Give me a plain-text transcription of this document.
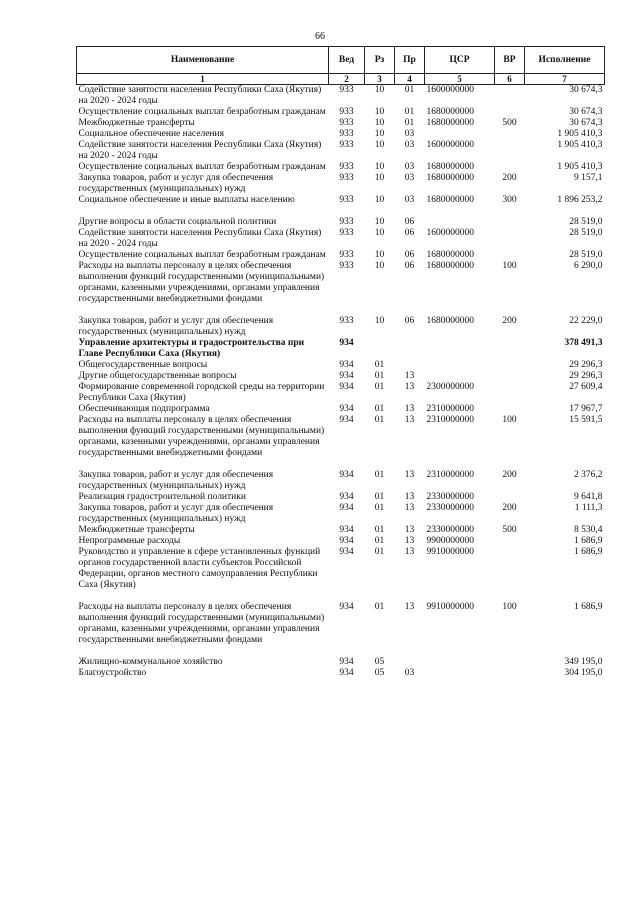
66
Наименование	Вед	Рз	Пр	ЦСР	ВР	Исполнение
1	2	3	4	5	6	7
Содействие занятости населения Республики Саха (Якутия) на 2020 - 2024 годы	933	10	01	1600000000		30 674,3
Осуществление социальных выплат безработным гражданам	933	10	01	1680000000		30 674,3
Межбюджетные трансферты	933	10	01	1680000000	500	30 674,3
Социальное обеспечение населения	933	10	03			1 905 410,3
Содействие занятости населения Республики Саха (Якутия) на 2020 - 2024 годы	933	10	03	1600000000		1 905 410,3
Осуществление социальных выплат безработным гражданам	933	10	03	1680000000		1 905 410,3
Закупка товаров, работ и услуг для обеспечения государственных (муниципальных) нужд	933	10	03	1680000000	200	9 157,1
Социальное обеспечение и иные выплаты населению	933	10	03	1680000000	300	1 896 253,2

Другие вопросы в области социальной политики	933	10	06			28 519,0
Содействие занятости населения Республики Саха (Якутия) на 2020 - 2024 годы	933	10	06	1600000000		28 519,0
Осуществление социальных выплат безработным гражданам	933	10	06	1680000000		28 519,0
Расходы на выплаты персоналу в целях обеспечения выполнения функций государственными (муниципальными) органами, казенными учреждениями, органами управления государственными внебюджетными фондами	933	10	06	1680000000	100	6 290,0

Закупка товаров, работ и услуг для обеспечения государственных (муниципальных) нужд	933	10	06	1680000000	200	22 229,0
Управление архитектуры и градостроительства при Главе Республики Саха (Якутия)	934					378 491,3
Общегосударственные вопросы	934	01				29 296,3
Другие общегосударственные вопросы	934	01	13			29 296,3
Формирование современной городской среды на территории Республики Саха (Якутия)	934	01	13	2300000000		27 609,4
Обеспечивающая подпрограмма	934	01	13	2310000000		17 967,7
Расходы на выплаты персоналу в целях обеспечения выполнения функций государственными (муниципальными) органами, казенными учреждениями, органами управления государственными внебюджетными фондами	934	01	13	2310000000	100	15 591,5

Закупка товаров, работ и услуг для обеспечения государственных (муниципальных) нужд	934	01	13	2310000000	200	2 376,2
Реализация градостроительной политики	934	01	13	2330000000		9 641,8
Закупка товаров, работ и услуг для обеспечения государственных (муниципальных) нужд	934	01	13	2330000000	200	1 111,3
Межбюджетные трансферты	934	01	13	2330000000	500	8 530,4
Непрограммные расходы	934	01	13	9900000000		1 686,9
Руководство и управление в сфере установленных функций органов государственной власти субъектов Российской Федерации, органов местного самоуправления Республики Саха (Якутия)	934	01	13	9910000000		1 686,9

Расходы на выплаты персоналу в целях обеспечения выполнения функций государственными (муниципальными) органами, казенными учреждениями, органами управления государственными внебюджетными фондами	934	01	13	9910000000	100	1 686,9

Жилищно-коммунальное хозяйство	934	05				349 195,0
Благоустройство	934	05	03			304 195,0
